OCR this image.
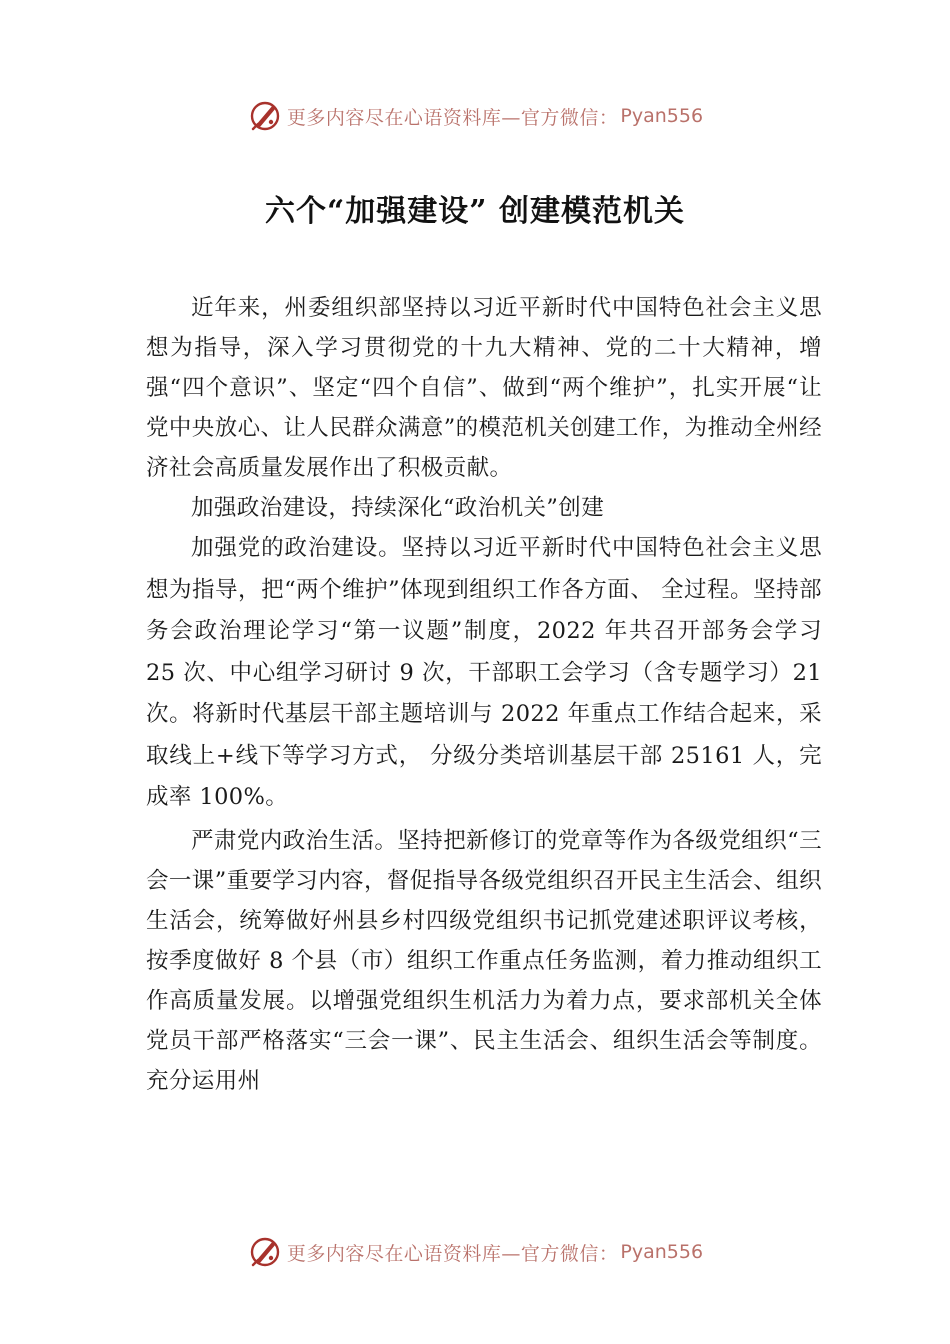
更多内容尽在心语资料库—官方微信： Pyan556
六个“加强建设” 创建模范机关

近年来，州委组织部坚持以习近平新时代中国特色社会主义思想为指导，深入学习贯彻党的十九大精神、党的二十大精神，增强“四个意识”、坚定“四个自信”、做到“两个维护”，扎实开展“让党中央放心、让人民群众满意”的模范机关创建工作，为推动全州经济社会高质量发展作出了积极贡献。

加强政治建设，持续深化“政治机关”创建

加强党的政治建设。坚持以习近平新时代中国特色社会主义思想为指导，把“两个维护”体现到组织工作各方面、 全过程。坚持部务会政治理论学习“第一议题”制度，2022 年共召开部务会学习 25 次、中心组学习研讨 9 次，干部职工会学习（含专题学习）21 次。将新时代基层干部主题培训与 2022 年重点工作结合起来，采取线上+线下等学习方式， 分级分类培训基层干部 25161 人，完成率 100%。

严肃党内政治生活。坚持把新修订的党章等作为各级党组织“三会一课”重要学习内容，督促指导各级党组织召开民主生活会、组织生活会，统筹做好州县乡村四级党组织书记抓党建述职评议考核，按季度做好 8 个县（市）组织工作重点任务监测，着力推动组织工作高质量发展。以增强党组织生机活力为着力点，要求部机关全体党员干部严格落实“三会一课”、民主生活会、组织生活会等制度。充分运用州

更多内容尽在心语资料库—官方微信： Pyan556
